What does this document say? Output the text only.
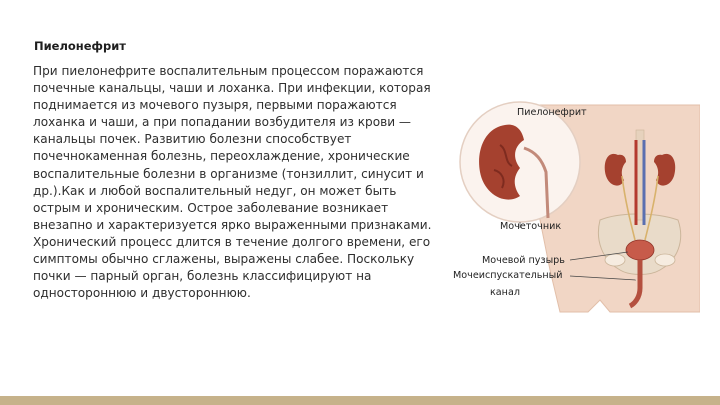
Пиелонефрит

При пиелонефрите воспалительным процессом поражаются почечные канальцы, чаши и лоханка. При инфекции, которая поднимается из мочевого пузыря, первыми поражаются лоханка и чаши, а при попадании возбудителя из крови — канальцы почек. Развитию болезни способствует почечнокаменная болезнь, переохлаждение, хронические воспалительные болезни в организме (тонзиллит, синусит и др.).Как и любой воспалительный недуг, он может быть острым и хроническим. Острое заболевание возникает внезапно и характеризуется ярко выраженными признаками. Хронический процесс длится в течение долгого времени, его симптомы обычно сглажены, выражены слабее. Поскольку почки — парный орган, болезнь классифицируют на одностороннюю и двустороннюю.

Пиелонефрит
Мочеточник
Мочевой пузырь
Мочеиспускательный
канал
